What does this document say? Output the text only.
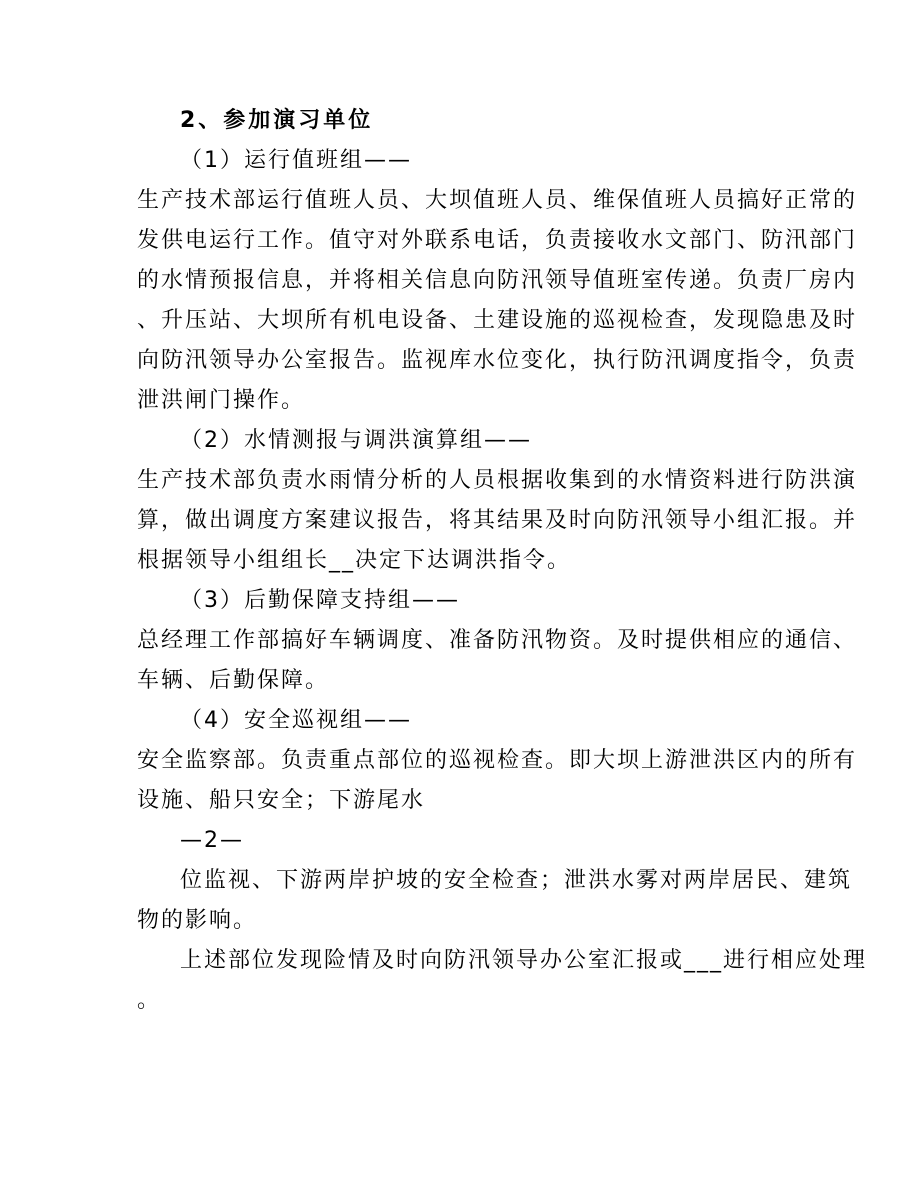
2、参加演习单位
（1）运行值班组——
生产技术部运行值班人员、大坝值班人员、维保值班人员搞好正常的
发供电运行工作。值守对外联系电话，负责接收水文部门、防汛部门
的水情预报信息，并将相关信息向防汛领导值班室传递。负责厂房内
、升压站、大坝所有机电设备、土建设施的巡视检查，发现隐患及时
向防汛领导办公室报告。监视库水位变化，执行防汛调度指令，负责
泄洪闸门操作。
（2）水情测报与调洪演算组——
生产技术部负责水雨情分析的人员根据收集到的水情资料进行防洪演
算，做出调度方案建议报告，将其结果及时向防汛领导小组汇报。并
根据领导小组组长__决定下达调洪指令。
（3）后勤保障支持组——
总经理工作部搞好车辆调度、准备防汛物资。及时提供相应的通信、
车辆、后勤保障。
（4）安全巡视组——
安全监察部。负责重点部位的巡视检查。即大坝上游泄洪区内的所有
设施、船只安全；下游尾水
—2—
位监视、下游两岸护坡的安全检查；泄洪水雾对两岸居民、建筑
物的影响。
上述部位发现险情及时向防汛领导办公室汇报或___进行相应处理
。
